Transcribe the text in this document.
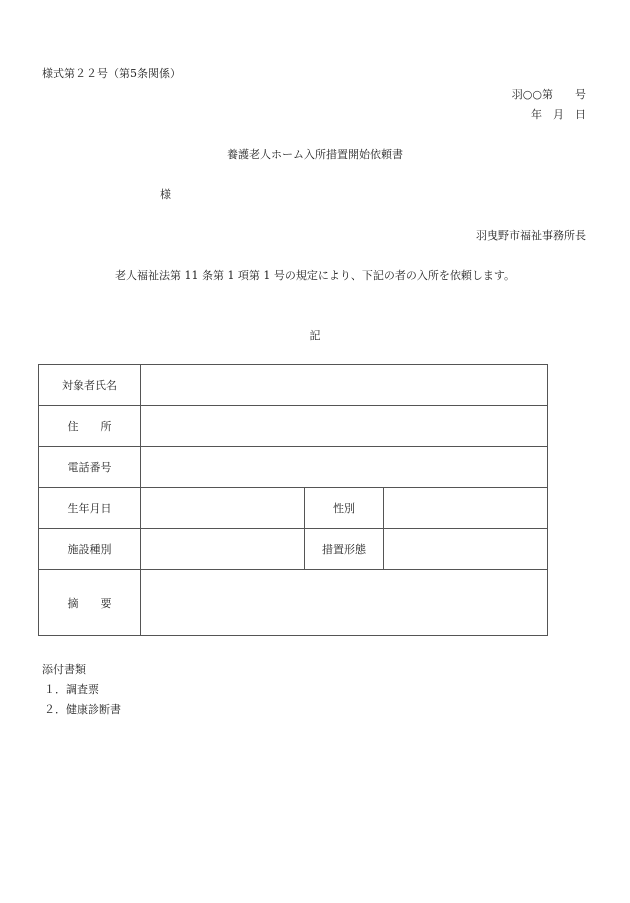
様式第２２号（第5条関係）
羽○○第　　号
年　月　日
養護老人ホーム入所措置開始依頼書
様
羽曳野市福祉事務所長
老人福祉法第 11 条第 1 項第 1 号の規定により、下記の者の入所を依頼します。
記
対象者氏名			
住　　所			
電話番号			
生年月日		性別	
施設種別		措置形態	
摘　　要			
添付書類
１．調査票
２．健康診断書
